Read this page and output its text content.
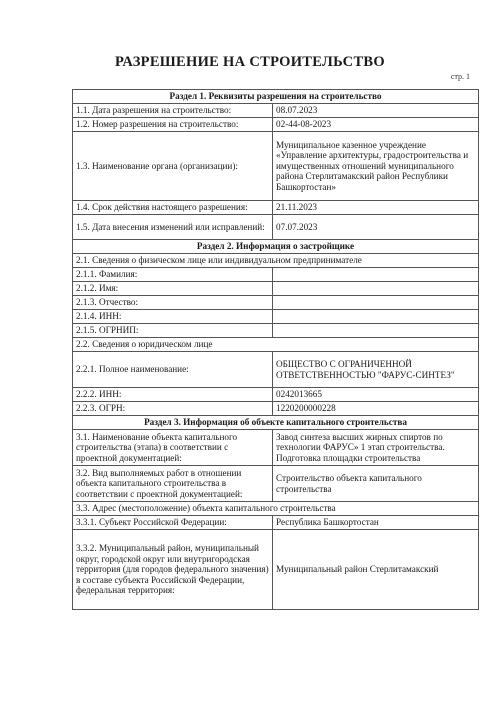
РАЗРЕШЕНИЕ НА СТРОИТЕЛЬСТВО
стр. 1
Раздел 1. Реквизиты разрешения на строительство	
1.1. Дата разрешения на строительство:	08.07.2023
1.2. Номер разрешения на строительство:	02-44-08-2023
1.3. Наименование органа (организации):	Муниципальное казенное учреждение «Управление архитектуры, градостроительства и имущественных отношений муниципального района Стерлитамакский район Республики Башкортостан»
1.4. Срок действия настоящего разрешения:	21.11.2023
1.5. Дата внесения изменений или исправлений:	07.07.2023
Раздел 2. Информация о застройщике	
2.1. Сведения о физическом лице или индивидуальном предпринимателе	
2.1.1. Фамилия:	
2.1.2. Имя:	
2.1.3. Отчество:	
2.1.4. ИНН:	
2.1.5. ОГРНИП:	
2.2. Сведения о юридическом лице	
2.2.1. Полное наименование:	ОБЩЕСТВО С ОГРАНИЧЕННОЙ ОТВЕТСТВЕННОСТЬЮ "ФАРУС-СИНТЕЗ"
2.2.2. ИНН:	0242013665
2.2.3. ОГРН:	1220200000228
Раздел 3. Информация об объекте капитального строительства	
3.1. Наименование объекта капитального строительства (этапа) в соответствии с проектной документацией:	Завод синтеза высших жирных спиртов по технологии ФАРУС» 1 этап строительства. Подготовка площадки строительства
3.2. Вид выполняемых работ в отношении объекта капитального строительства в соответствии с проектной документацией:	Строительство объекта капитального строительства
3.3. Адрес (местоположение) объекта капитального строительства	
3.3.1. Субъект Российской Федерации:	Республика Башкортостан
3.3.2. Муниципальный район, муниципальный округ, городской округ или внутригородская территория (для городов федерального значения) в составе субъекта Российской Федерации, федеральная территория:	Муниципальный район Стерлитамакский
